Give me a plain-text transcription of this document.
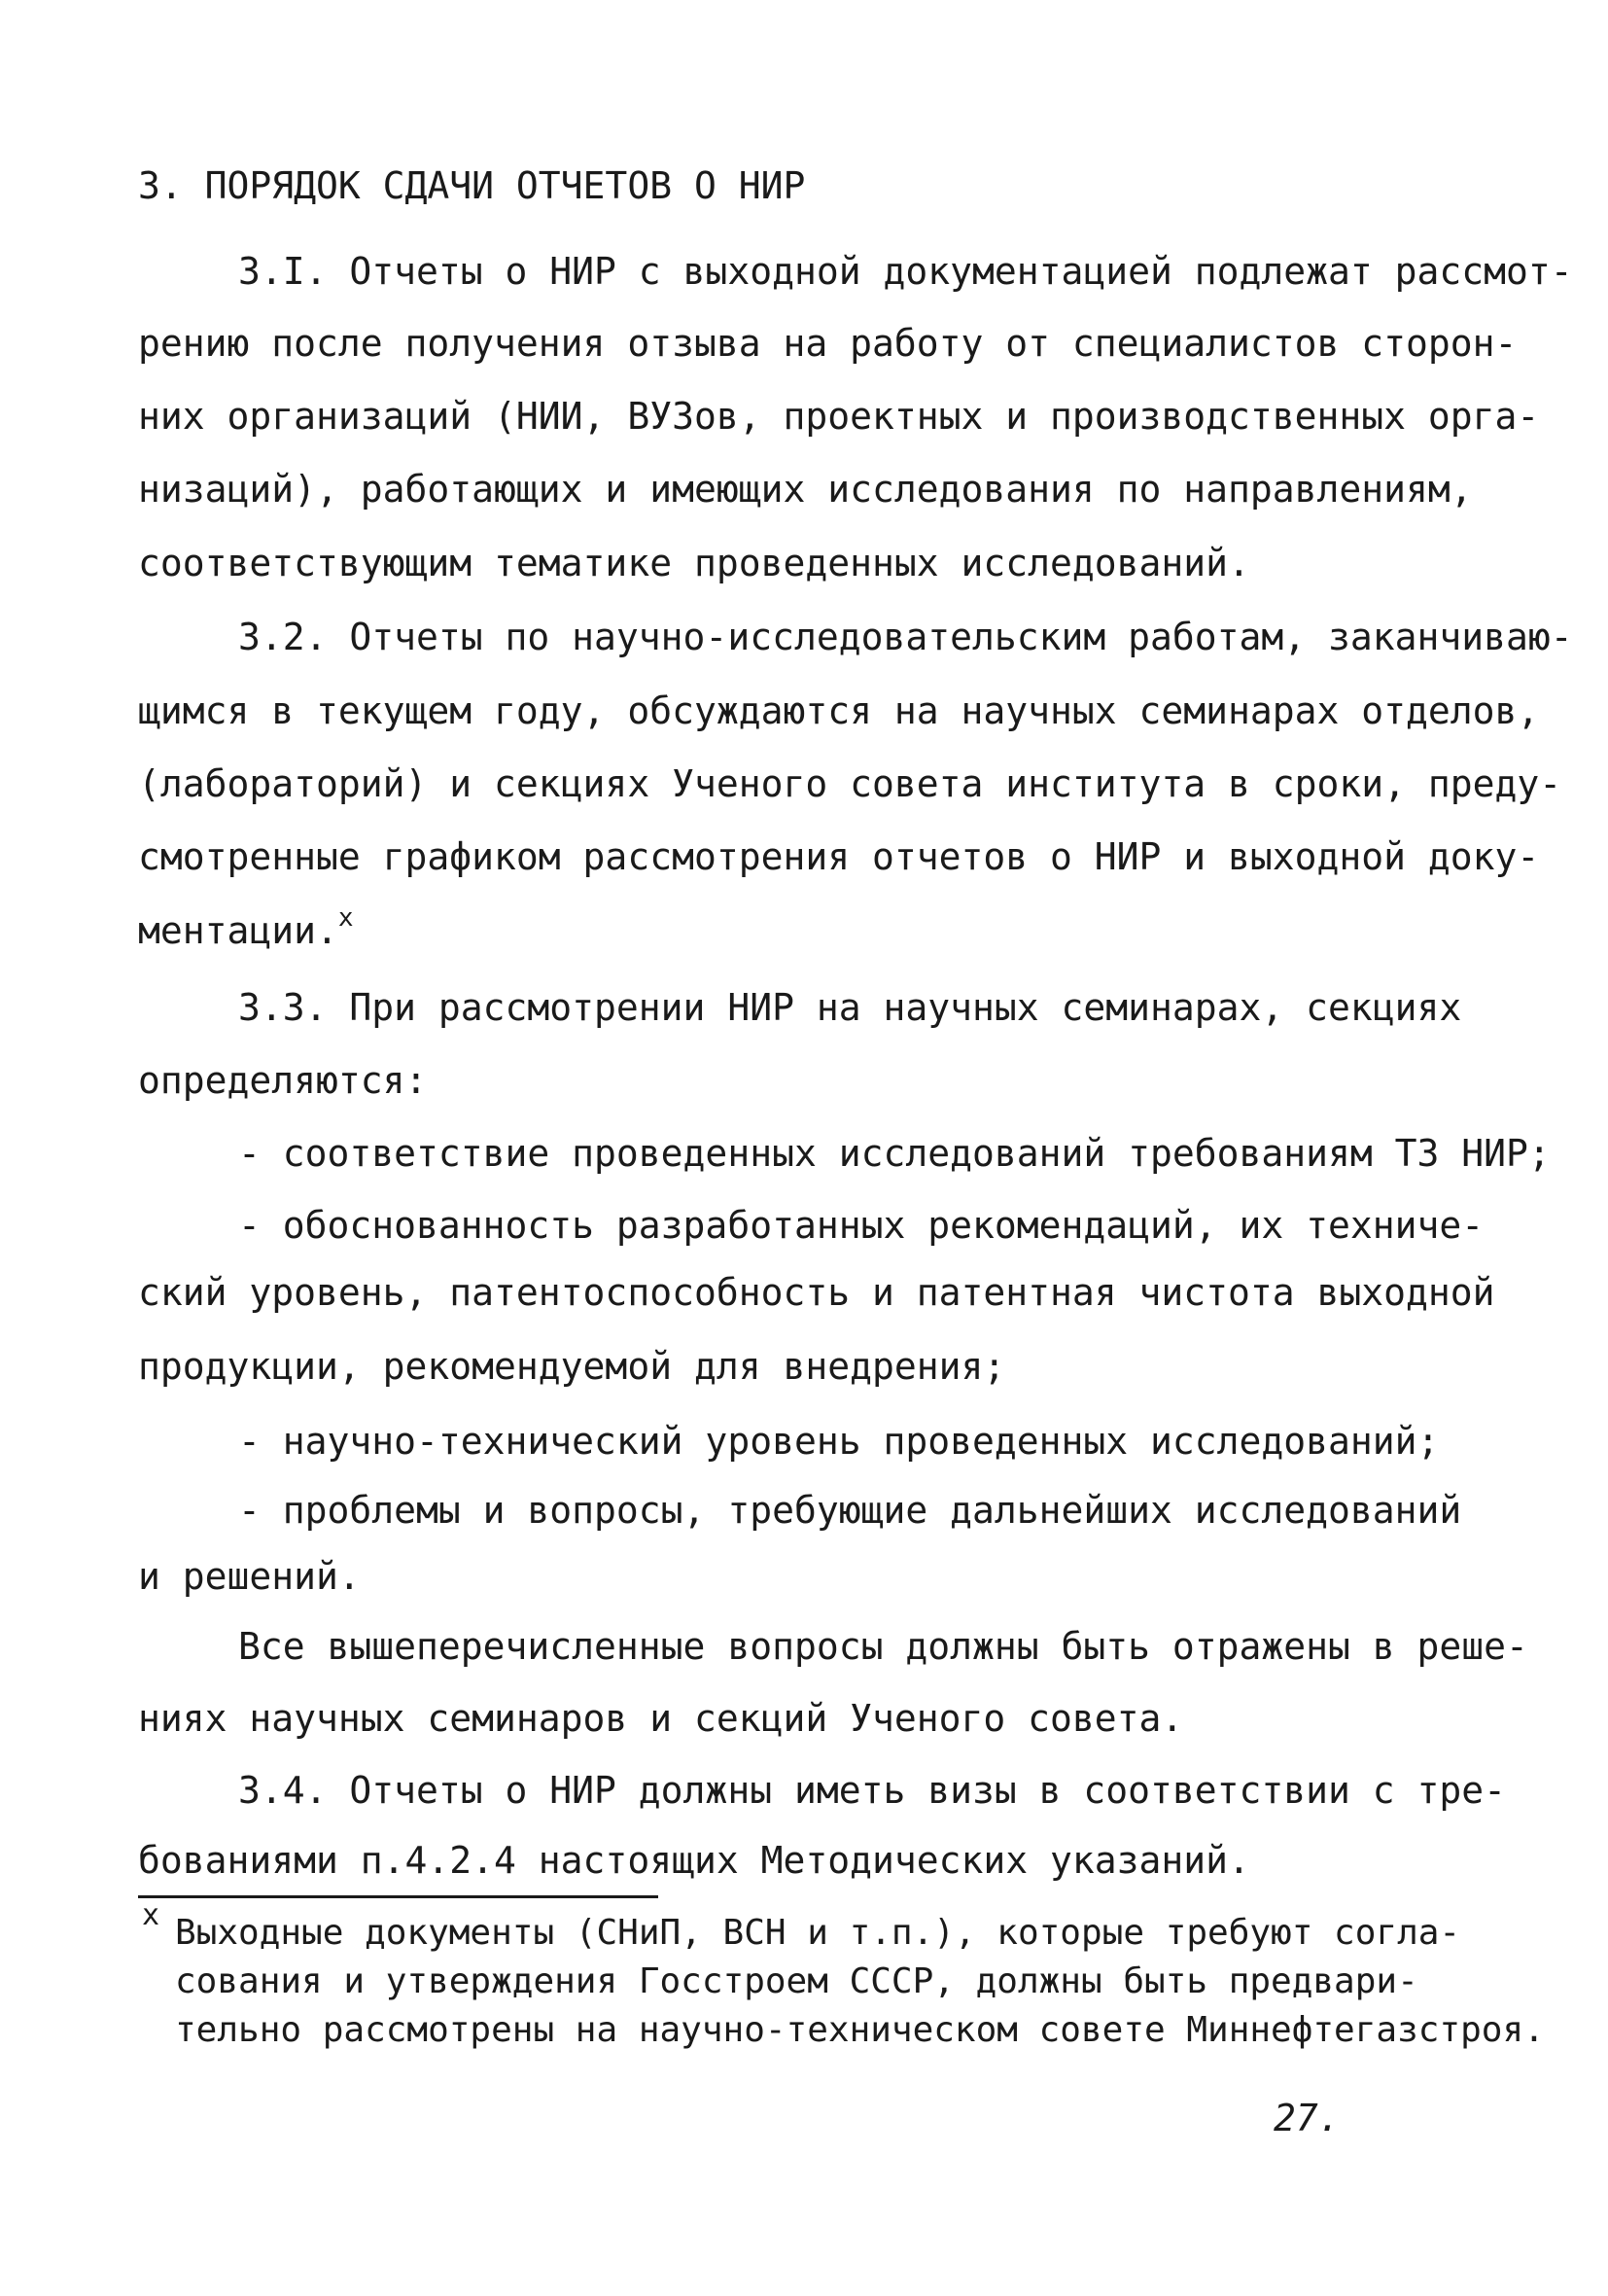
3. ПОРЯДОК СДАЧИ ОТЧЕТОВ О НИР
3.I. Отчеты о НИР с выходной документацией подлежат рассмот-
рению после получения отзыва на работу от специалистов сторон-
них организаций (НИИ, ВУЗов, проектных и производственных орга-
низаций), работающих и имеющих исследования по направлениям,
соответствующим тематике проведенных исследований.
3.2. Отчеты по научно-исследовательским работам, заканчиваю-
щимся в текущем году, обсуждаются на научных семинарах отделов,
(лабораторий) и секциях Ученого совета института в сроки, преду-
смотренные графиком рассмотрения отчетов о НИР и выходной доку-
ментации.$^x$
3.3. При рассмотрении НИР на научных семинарах, секциях
определяются:
- соответствие проведенных исследований требованиям ТЗ НИР;
- обоснованность разработанных рекомендаций, их техниче-
ский уровень, патентоспособность и патентная чистота выходной
продукции, рекомендуемой для внедрения;
- научно-технический уровень проведенных исследований;
- проблемы и вопросы, требующие дальнейших исследований
и решений.
Все вышеперечисленные вопросы должны быть отражены в реше-
ниях научных семинаров и секций Ученого совета.
3.4. Отчеты о НИР должны иметь визы в соответствии с тре-
бованиями п.4.2.4 настоящих Методических указаний.
x Выходные документы (СНиП, ВСН и т.п.), которые требуют согла-
сования и утверждения Госстроем СССР, должны быть предвари-
тельно рассмотрены на научно-техническом совете Миннефтегазстроя.
27.
